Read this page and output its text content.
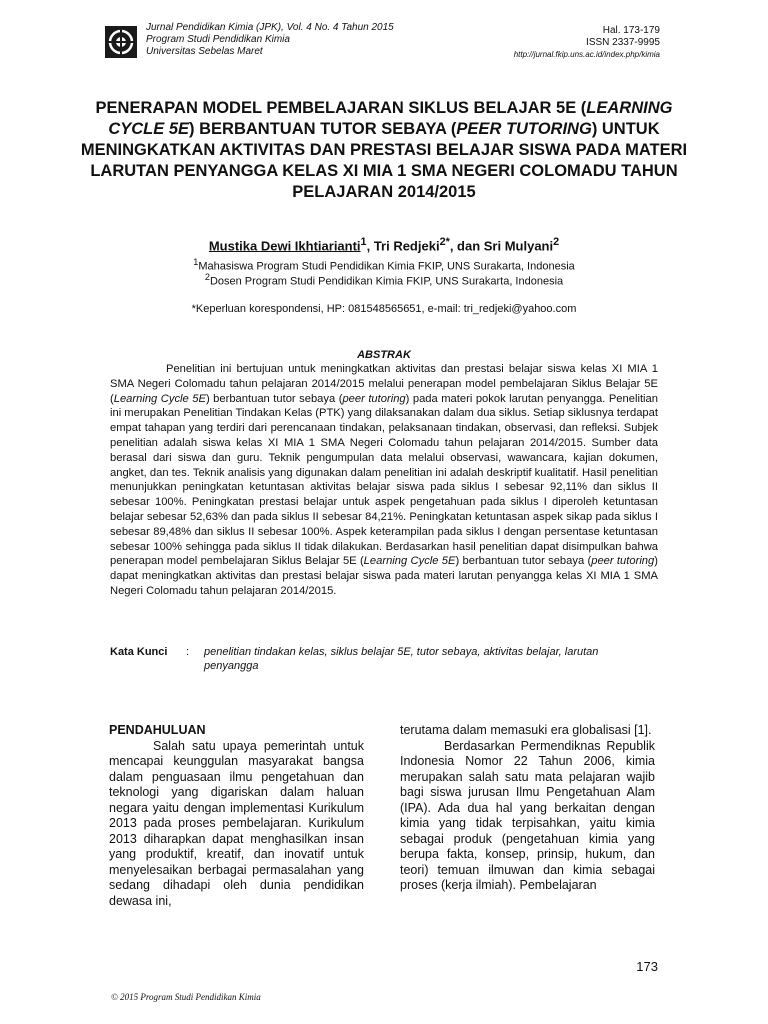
Jurnal Pendidikan Kimia (JPK), Vol. 4 No. 4 Tahun 2015
Program Studi Pendidikan Kimia
Universitas Sebelas Maret
Hal. 173-179
ISSN 2337-9995
http://jurnal.fkip.uns.ac.id/index.php/kimia
PENERAPAN MODEL PEMBELAJARAN SIKLUS BELAJAR 5E (LEARNING CYCLE 5E) BERBANTUAN TUTOR SEBAYA (PEER TUTORING) UNTUK MENINGKATKAN AKTIVITAS DAN PRESTASI BELAJAR SISWA PADA MATERI LARUTAN PENYANGGA KELAS XI MIA 1 SMA NEGERI COLOMADU TAHUN PELAJARAN 2014/2015
Mustika Dewi Ikhtiarianti$^1$, Tri Redjeki$^{2*}$, dan Sri Mulyani$^2$
$^1$Mahasiswa Program Studi Pendidikan Kimia FKIP, UNS Surakarta, Indonesia
$^2$Dosen Program Studi Pendidikan Kimia FKIP, UNS Surakarta, Indonesia
*Keperluan korespondensi, HP: 081548565651, e-mail: tri_redjeki@yahoo.com
ABSTRAK

Penelitian ini bertujuan untuk meningkatkan aktivitas dan prestasi belajar siswa kelas XI MIA 1 SMA Negeri Colomadu tahun pelajaran 2014/2015 melalui penerapan model pembelajaran Siklus Belajar 5E (Learning Cycle 5E) berbantuan tutor sebaya (peer tutoring) pada materi pokok larutan penyangga. Penelitian ini merupakan Penelitian Tindakan Kelas (PTK) yang dilaksanakan dalam dua siklus. Setiap siklusnya terdapat empat tahapan yang terdiri dari perencanaan tindakan, pelaksanaan tindakan, observasi, dan refleksi. Subjek penelitian adalah siswa kelas XI MIA 1 SMA Negeri Colomadu tahun pelajaran 2014/2015. Sumber data berasal dari siswa dan guru. Teknik pengumpulan data melalui observasi, wawancara, kajian dokumen, angket, dan tes. Teknik analisis yang digunakan dalam penelitian ini adalah deskriptif kualitatif. Hasil penelitian menunjukkan peningkatan ketuntasan aktivitas belajar siswa pada siklus I sebesar 92,11% dan siklus II sebesar 100%. Peningkatan prestasi belajar untuk aspek pengetahuan pada siklus I diperoleh ketuntasan belajar sebesar 52,63% dan pada siklus II sebesar 84,21%. Peningkatan ketuntasan aspek sikap pada siklus I sebesar 89,48% dan siklus II sebesar 100%. Aspek keterampilan pada siklus I dengan persentase ketuntasan sebesar 100% sehingga pada siklus II tidak dilakukan. Berdasarkan hasil penelitian dapat disimpulkan bahwa penerapan model pembelajaran Siklus Belajar 5E (Learning Cycle 5E) berbantuan tutor sebaya (peer tutoring) dapat meningkatkan aktivitas dan prestasi belajar siswa pada materi larutan penyangga kelas XI MIA 1 SMA Negeri Colomadu tahun pelajaran 2014/2015.

Kata Kunci : penelitian tindakan kelas, siklus belajar 5E, tutor sebaya, aktivitas belajar, larutan penyangga
PENDAHULUAN

Salah satu upaya pemerintah untuk mencapai keunggulan masyarakat bangsa dalam penguasaan ilmu pengetahuan dan teknologi yang digariskan dalam haluan negara yaitu dengan implementasi Kurikulum 2013 pada proses pembelajaran. Kurikulum 2013 diharapkan dapat menghasilkan insan yang produktif, kreatif, dan inovatif untuk menyelesaikan berbagai permasalahan yang sedang dihadapi oleh dunia pendidikan dewasa ini,

terutama dalam memasuki era globalisasi [1].

Berdasarkan Permendiknas Republik Indonesia Nomor 22 Tahun 2006, kimia merupakan salah satu mata pelajaran wajib bagi siswa jurusan Ilmu Pengetahuan Alam (IPA). Ada dua hal yang berkaitan dengan kimia yang tidak terpisahkan, yaitu kimia sebagai produk (pengetahuan kimia yang berupa fakta, konsep, prinsip, hukum, dan teori) temuan ilmuwan dan kimia sebagai proses (kerja ilmiah). Pembelajaran

© 2015 Program Studi Pendidikan Kimia
173
